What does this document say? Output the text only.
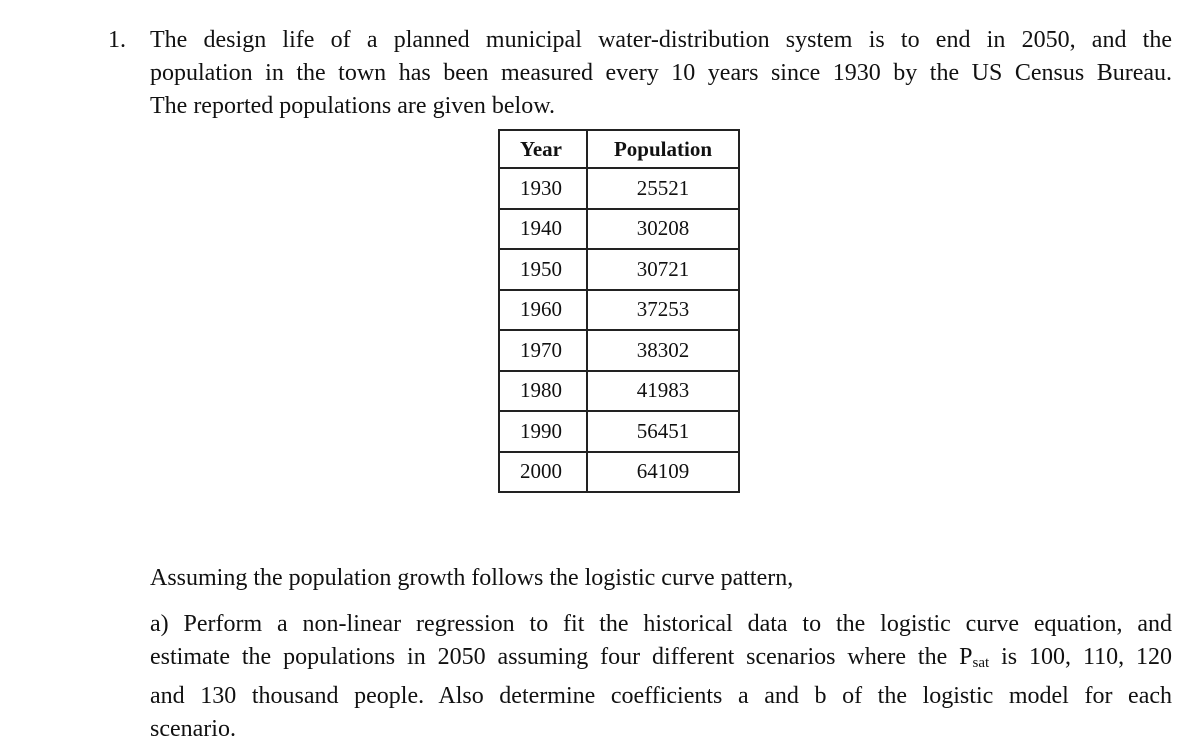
1. The design life of a planned municipal water-distribution system is to end in 2050, and the
population in the town has been measured every 10 years since 1930 by the US Census Bureau.
The reported populations are given below.
Year	Population
1930	25521
1940	30208
1950	30721
1960	37253
1970	38302
1980	41983
1990	56451
2000	64109
Assuming the population growth follows the logistic curve pattern,
a) Perform a non-linear regression to fit the historical data to the logistic curve equation, and
estimate the populations in 2050 assuming four different scenarios where the $P_{sat}$ is 100, 110, 120
and 130 thousand people. Also determine coefficients a and b of the logistic model for each
scenario.
